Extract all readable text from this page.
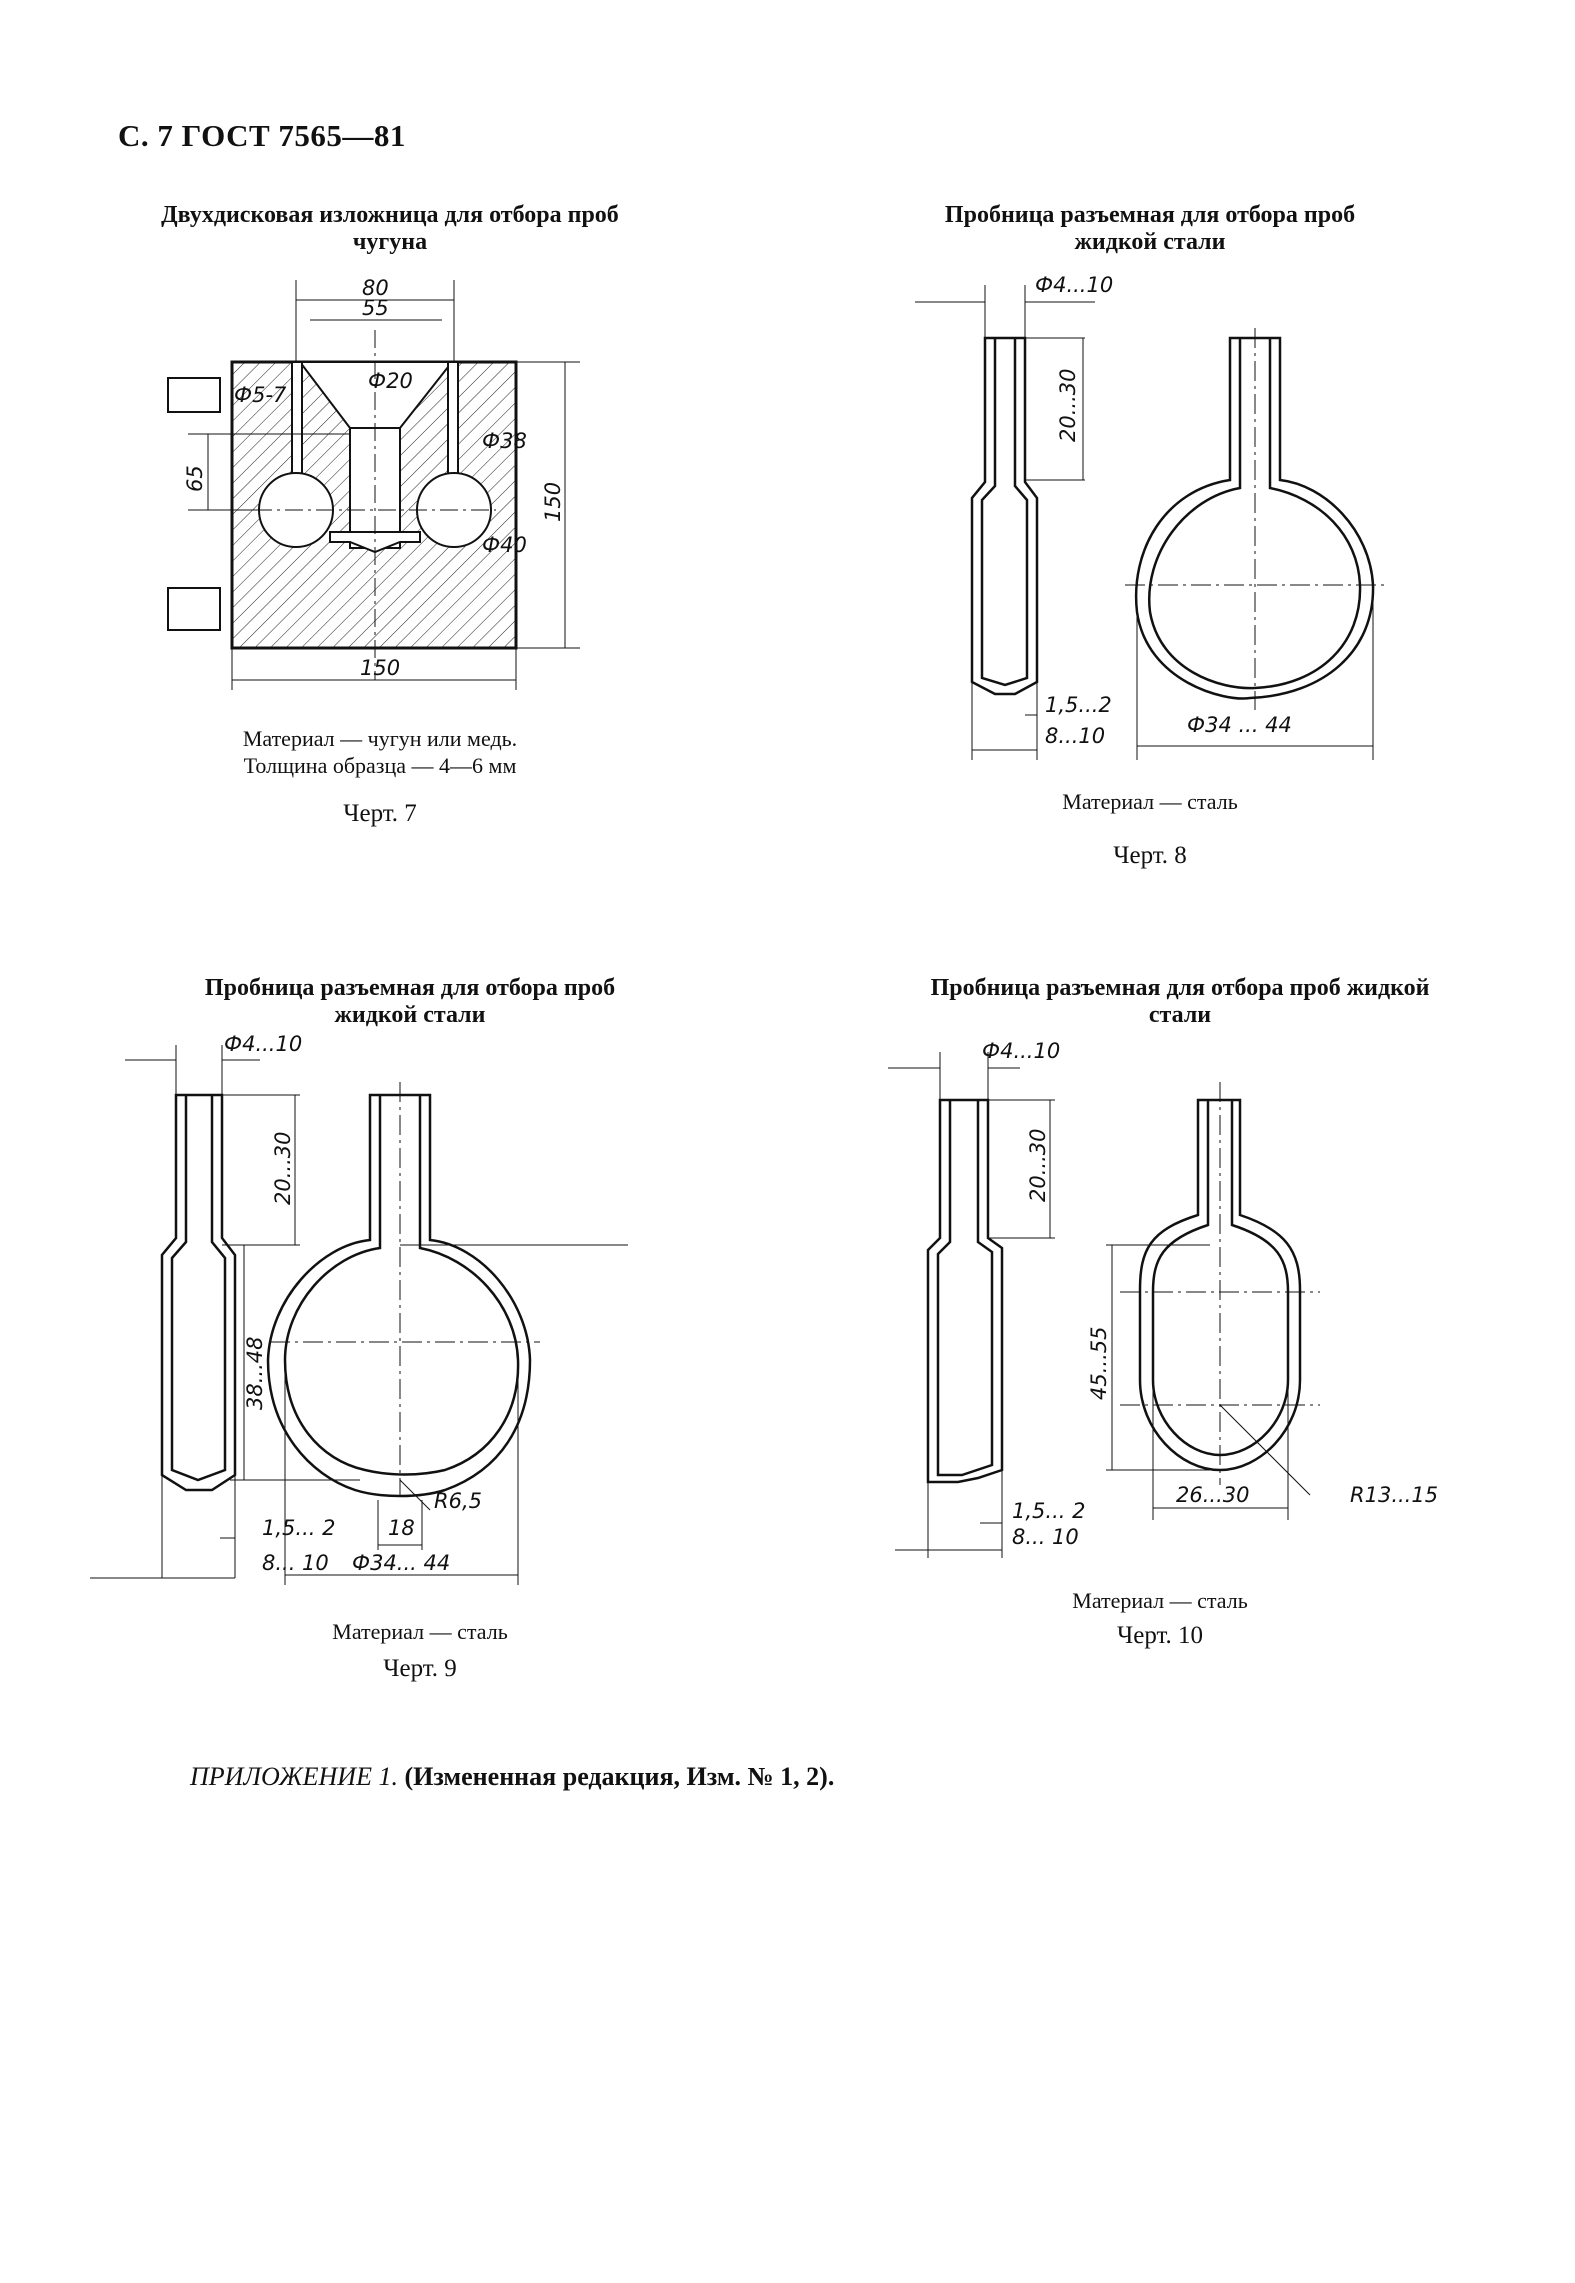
С. 7 ГОСТ 7565—81
Двухдисковая изложница для отбора проб
чугуна
80
55
Ф20
Ф5-7
Ф38
Ф40
65
150
150
Материал — чугун или медь.
Толщина образца — 4—6 мм
Черт. 7
Пробница разъемная для отбора проб
жидкой стали
Ф4...10
20...30
1,5...2
8...10	Ф34 ... 44
Материал — сталь
Черт. 8
Пробница разъемная для отбора проб
жидкой стали
Ф4...10
20...30
38...48
R6,5
18
1,5... 2
8... 10 Ф34... 44
Материал — сталь
Черт. 9
Пробница разъемная для отбора проб жидкой
стали
Ф4...10
20...30
45...55
1,5... 2
8... 10
26...30	R13...15
Материал — сталь
Черт. 10
ПРИЛОЖЕНИЕ 1. (Измененная редакция, Изм. № 1, 2).
